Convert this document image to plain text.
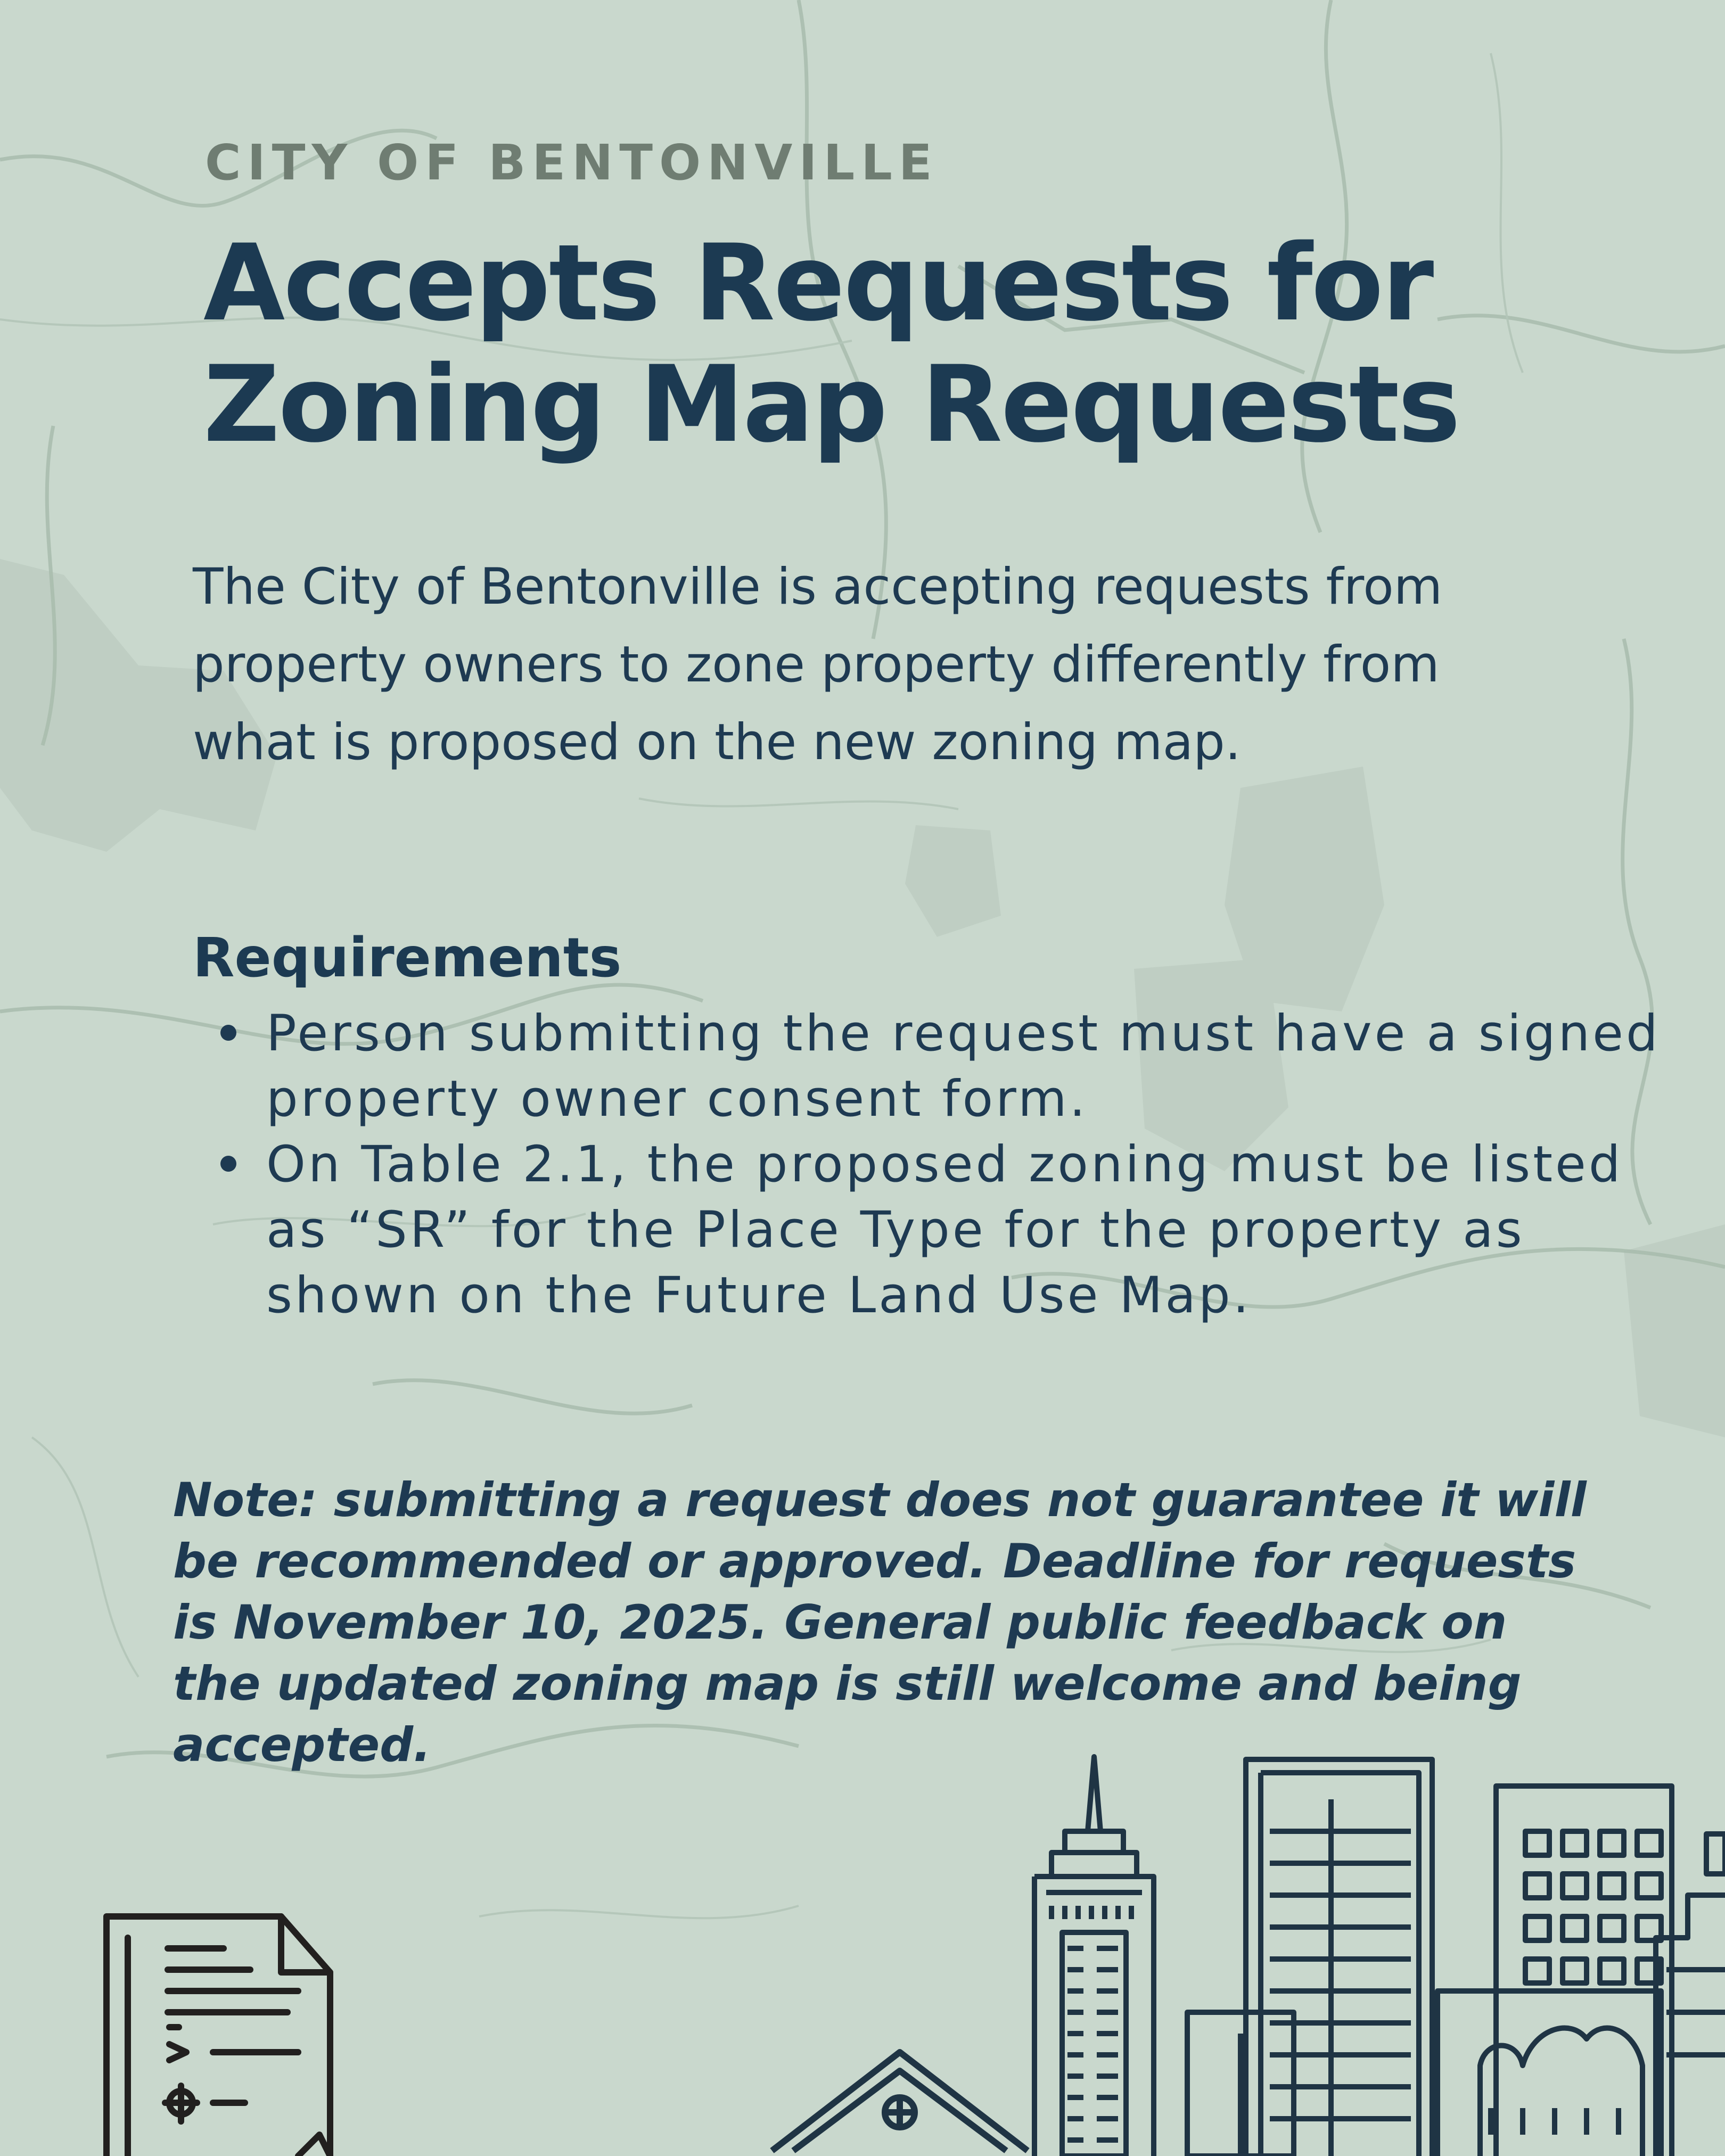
CITY OF BENTONVILLE

Accepts Requests for
Zoning Map Requests

The City of Bentonville is accepting requests from property owners to zone property differently from what is proposed on the new zoning map.

Requirements
Person submitting the request must have a signed property owner consent form.
On Table 2.1, the proposed zoning must be listed as “SR” for the Place Type for the property as shown on the Future Land Use Map.

Note: submitting a request does not guarantee it will be recommended or approved. Deadline for requests is November 10, 2025. General public feedback on the updated zoning map is still welcome and being accepted.
